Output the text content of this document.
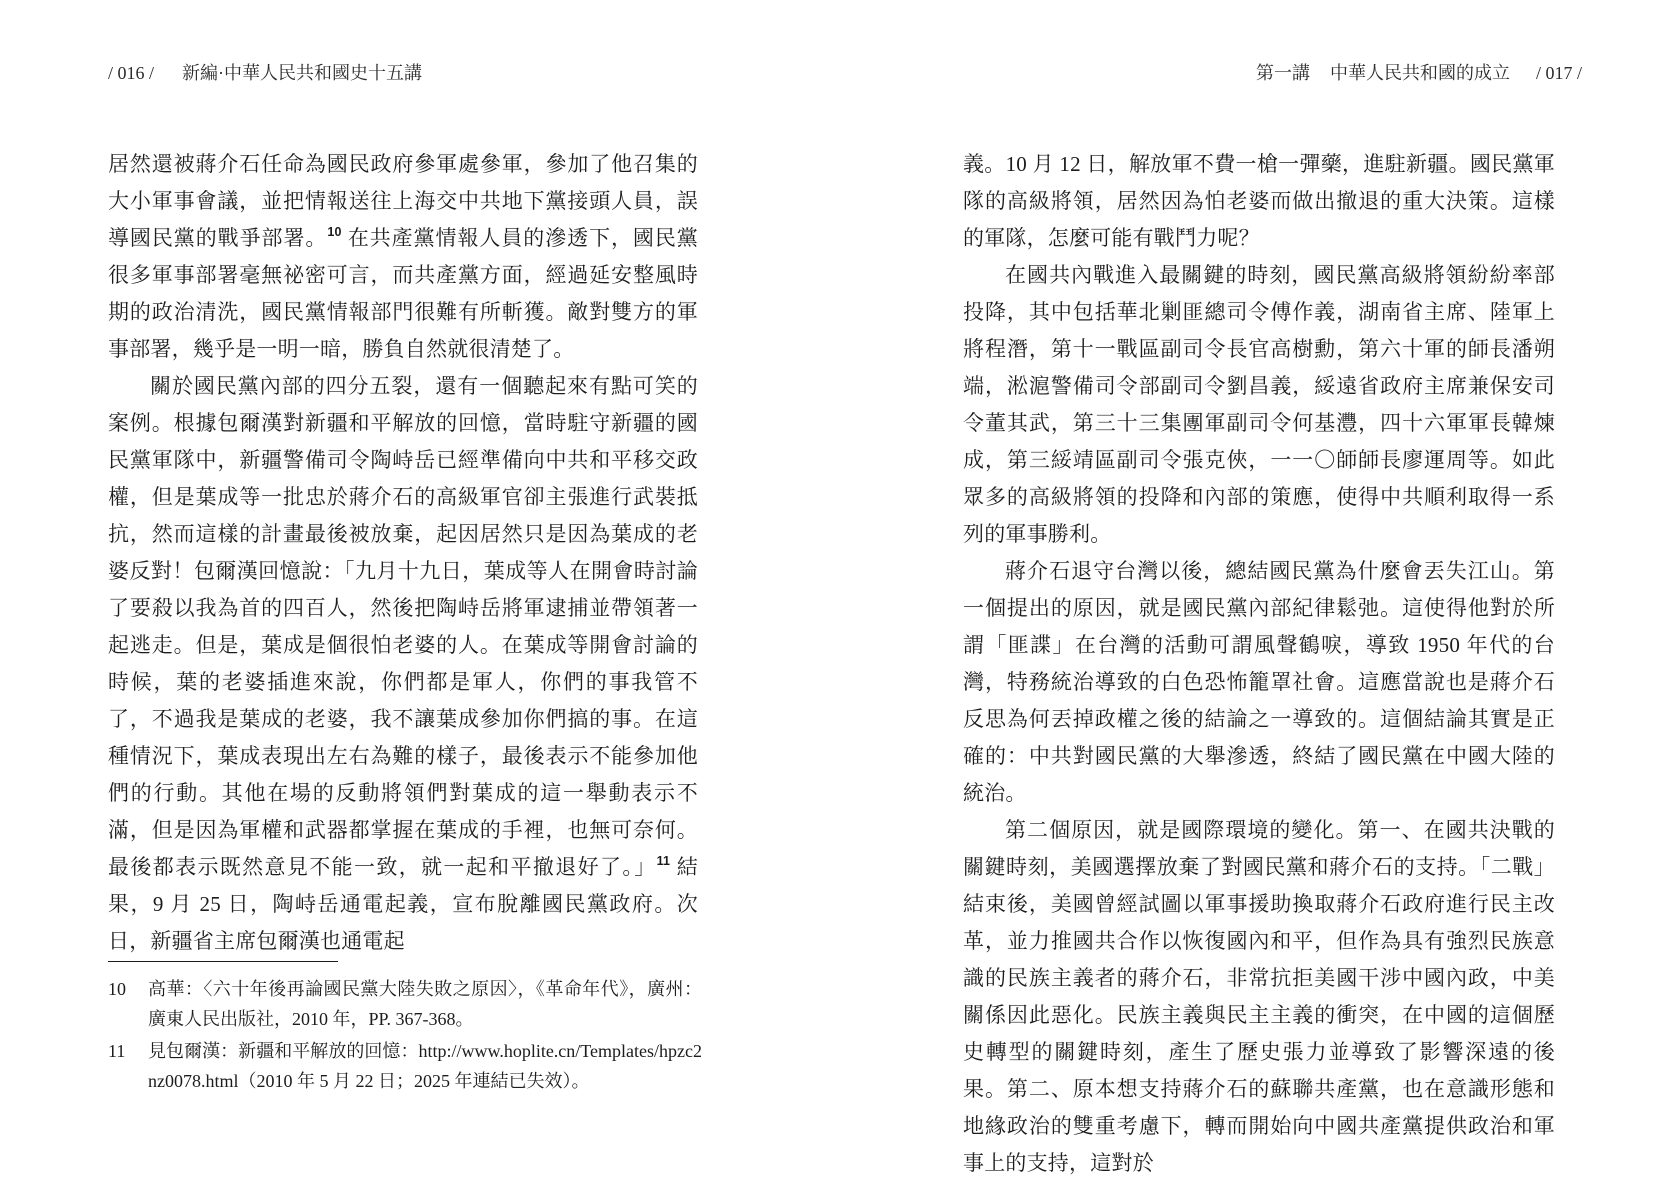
/ 016 / 新編·中華人民共和國史十五講	第一講 中華人民共和國的成立 / 017 /

居然還被蔣介石任命為國民政府參軍處參軍，參加了他召集的大小軍事會議，並把情報送往上海交中共地下黨接頭人員，誤導國民黨的戰爭部署。$^{10}$ 在共產黨情報人員的滲透下，國民黨很多軍事部署毫無祕密可言，而共產黨方面，經過延安整風時期的政治清洗，國民黨情報部門很難有所斬獲。敵對雙方的軍事部署，幾乎是一明一暗，勝負自然就很清楚了。

關於國民黨內部的四分五裂，還有一個聽起來有點可笑的案例。根據包爾漢對新疆和平解放的回憶，當時駐守新疆的國民黨軍隊中，新疆警備司令陶峙岳已經準備向中共和平移交政權，但是葉成等一批忠於蔣介石的高級軍官卻主張進行武裝抵抗，然而這樣的計畫最後被放棄，起因居然只是因為葉成的老婆反對！包爾漢回憶說：「九月十九日，葉成等人在開會時討論了要殺以我為首的四百人，然後把陶峙岳將軍逮捕並帶領著一起逃走。但是，葉成是個很怕老婆的人。在葉成等開會討論的時候，葉的老婆插進來說，你們都是軍人，你們的事我管不了，不過我是葉成的老婆，我不讓葉成參加你們搞的事。在這種情況下，葉成表現出左右為難的樣子，最後表示不能參加他們的行動。其他在場的反動將領們對葉成的這一舉動表示不滿，但是因為軍權和武器都掌握在葉成的手裡，也無可奈何。最後都表示既然意見不能一致，就一起和平撤退好了。」$^{11}$ 結果，9 月 25 日，陶峙岳通電起義，宣布脫離國民黨政府。次日，新疆省主席包爾漢也通電起

10	高華：〈六十年後再論國民黨大陸失敗之原因〉，《革命年代》，廣州：廣東人民出版社，2010 年，PP. 367-368。
11	見包爾漢：新疆和平解放的回憶：http://www.hoplite.cn/Templates/hpzc2nz0078.html（2010 年 5 月 22 日；2025 年連結已失效）。

義。10 月 12 日，解放軍不費一槍一彈藥，進駐新疆。國民黨軍隊的高級將領，居然因為怕老婆而做出撤退的重大決策。這樣的軍隊，怎麼可能有戰鬥力呢？

在國共內戰進入最關鍵的時刻，國民黨高級將領紛紛率部投降，其中包括華北剿匪總司令傅作義，湖南省主席、陸軍上將程潛，第十一戰區副司令長官高樹勳，第六十軍的師長潘朔端，淞滬警備司令部副司令劉昌義，綏遠省政府主席兼保安司令董其武，第三十三集團軍副司令何基灃，四十六軍軍長韓煉成，第三綏靖區副司令張克俠，一一〇師師長廖運周等。如此眾多的高級將領的投降和內部的策應，使得中共順利取得一系列的軍事勝利。

蔣介石退守台灣以後，總結國民黨為什麼會丟失江山。第一個提出的原因，就是國民黨內部紀律鬆弛。這使得他對於所謂「匪諜」在台灣的活動可謂風聲鶴唳，導致 1950 年代的台灣，特務統治導致的白色恐怖籠罩社會。這應當說也是蔣介石反思為何丟掉政權之後的結論之一導致的。這個結論其實是正確的：中共對國民黨的大舉滲透，終結了國民黨在中國大陸的統治。

第二個原因，就是國際環境的變化。第一、在國共決戰的關鍵時刻，美國選擇放棄了對國民黨和蔣介石的支持。「二戰」結束後，美國曾經試圖以軍事援助換取蔣介石政府進行民主改革，並力推國共合作以恢復國內和平，但作為具有強烈民族意識的民族主義者的蔣介石，非常抗拒美國干涉中國內政，中美關係因此惡化。民族主義與民主主義的衝突，在中國的這個歷史轉型的關鍵時刻，產生了歷史張力並導致了影響深遠的後果。第二、原本想支持蔣介石的蘇聯共產黨，也在意識形態和地緣政治的雙重考慮下，轉而開始向中國共產黨提供政治和軍事上的支持，這對於
